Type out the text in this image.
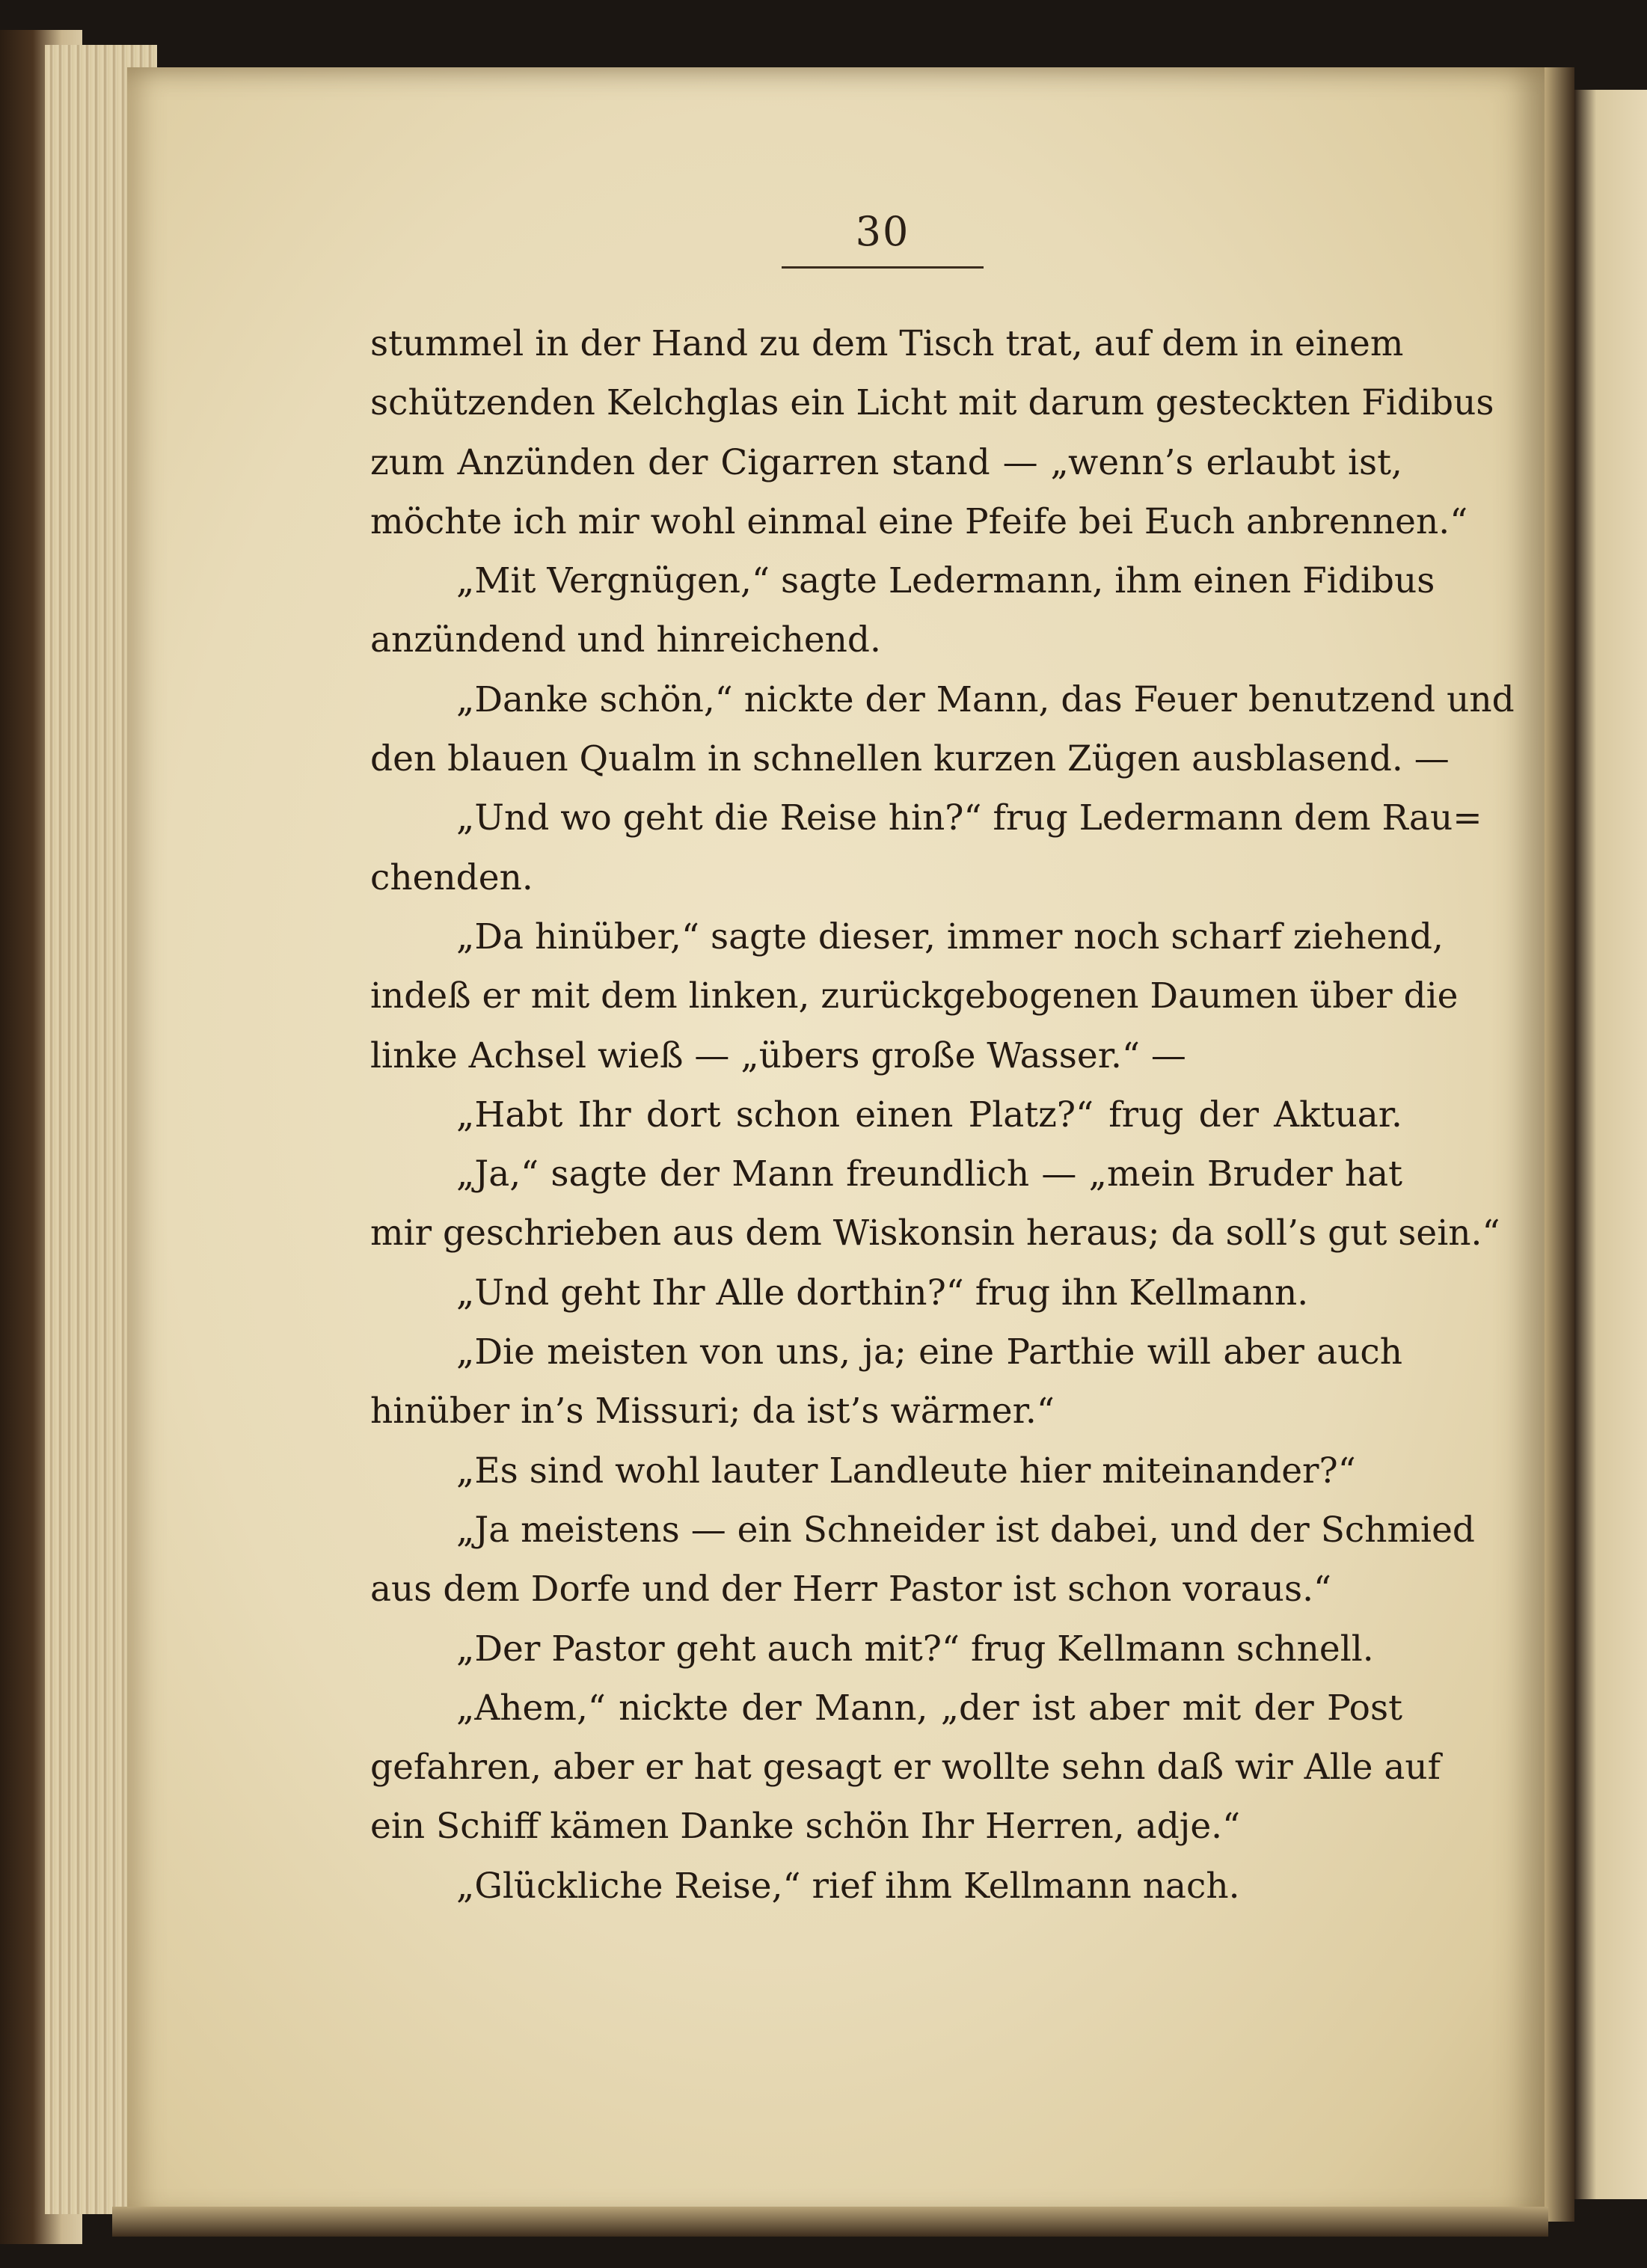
30
stummel in der Hand zu dem Tisch trat, auf dem in einem
schützenden Kelchglas ein Licht mit darum gesteckten Fidibus
zum Anzünden der Cigarren stand — „wenn’s erlaubt ist,
möchte ich mir wohl einmal eine Pfeife bei Euch anbrennen.“
„Mit Vergnügen,“ sagte Ledermann, ihm einen Fidibus
anzündend und hinreichend.
„Danke schön,“ nickte der Mann, das Feuer benutzend und
den blauen Qualm in schnellen kurzen Zügen ausblasend. —
„Und wo geht die Reise hin?“ frug Ledermann dem Rau=
chenden.
„Da hinüber,“ sagte dieser, immer noch scharf ziehend,
indeß er mit dem linken, zurückgebogenen Daumen über die
linke Achsel wieß — „übers große Wasser.“ —
„Habt Ihr dort schon einen Platz?“ frug der Aktuar.
„Ja,“ sagte der Mann freundlich — „mein Bruder hat
mir geschrieben aus dem Wiskonsin heraus; da soll’s gut sein.“
„Und geht Ihr Alle dorthin?“ frug ihn Kellmann.
„Die meisten von uns, ja; eine Parthie will aber auch
hinüber in’s Missuri; da ist’s wärmer.“
„Es sind wohl lauter Landleute hier miteinander?“
„Ja meistens — ein Schneider ist dabei, und der Schmied
aus dem Dorfe und der Herr Pastor ist schon voraus.“
„Der Pastor geht auch mit?“ frug Kellmann schnell.
„Ahem,“ nickte der Mann, „der ist aber mit der Post
gefahren, aber er hat gesagt er wollte sehn daß wir Alle auf
ein Schiff kämen Danke schön Ihr Herren, adje.“
„Glückliche Reise,“ rief ihm Kellmann nach.
